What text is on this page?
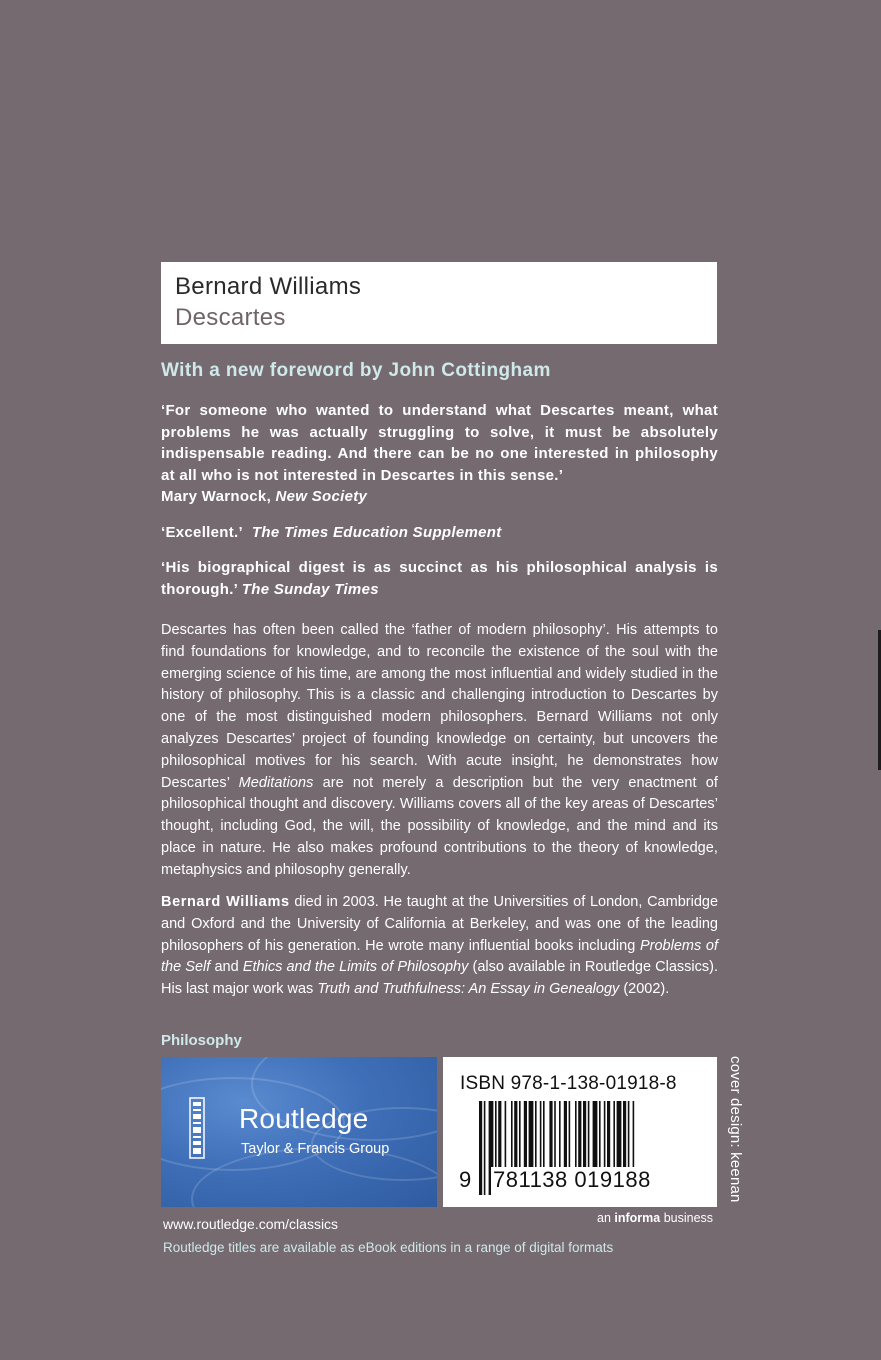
Bernard Williams
Descartes
With a new foreword by John Cottingham
‘For someone who wanted to understand what Descartes meant, what problems he was actually struggling to solve, it must be absolutely indispensable reading. And there can be no one interested in philosophy at all who is not interested in Descartes in this sense.’
Mary Warnock, New Society
‘Excellent.’ The Times Education Supplement
‘His biographical digest is as succinct as his philosophical analysis is thorough.’ The Sunday Times
Descartes has often been called the ‘father of modern philosophy’. His attempts to find foundations for knowledge, and to reconcile the existence of the soul with the emerging science of his time, are among the most influential and widely studied in the history of philosophy. This is a classic and challenging introduction to Descartes by one of the most distinguished modern philosophers. Bernard Williams not only analyzes Descartes’ project of founding knowledge on certainty, but uncovers the philosophical motives for his search. With acute insight, he demonstrates how Descartes’ Meditations are not merely a description but the very enactment of philosophical thought and discovery. Williams covers all of the key areas of Descartes’ thought, including God, the will, the possibility of knowledge, and the mind and its place in nature. He also makes profound contributions to the theory of knowledge, metaphysics and philosophy generally.
Bernard Williams died in 2003. He taught at the Universities of London, Cambridge and Oxford and the University of California at Berkeley, and was one of the leading philosophers of his generation. He wrote many influential books including Problems of the Self and Ethics and the Limits of Philosophy (also available in Routledge Classics). His last major work was Truth and Truthfulness: An Essay in Genealogy (2002).
Philosophy
Routledge
Taylor & Francis Group
ISBN 978-1-138-01918-8
9 781138 019188	cover design: keenan
an informa business
www.routledge.com/classics
Routledge titles are available as eBook editions in a range of digital formats
